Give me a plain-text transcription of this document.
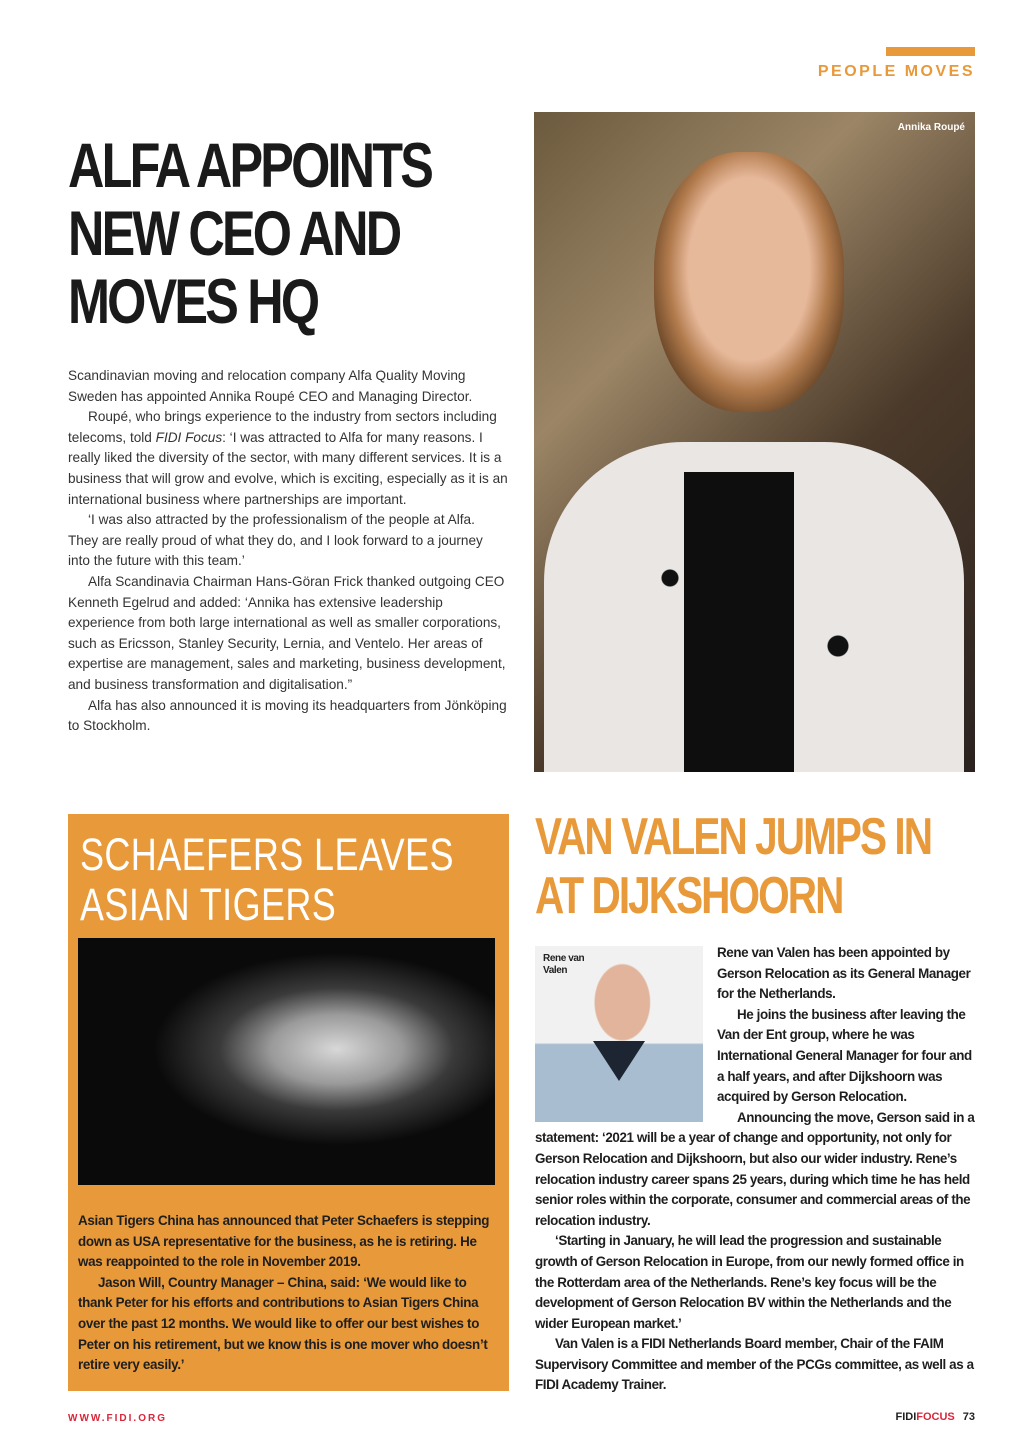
PEOPLE MOVES
ALFA APPOINTS NEW CEO AND MOVES HQ

Scandinavian moving and relocation company Alfa Quality Moving Sweden has appointed Annika Roupé CEO and Managing Director.

Roupé, who brings experience to the industry from sectors including telecoms, told FIDI Focus: ‘I was attracted to Alfa for many reasons. I really liked the diversity of the sector, with many different services. It is a business that will grow and evolve, which is exciting, especially as it is an international business where partnerships are important.

‘I was also attracted by the professionalism of the people at Alfa. They are really proud of what they do, and I look forward to a journey into the future with this team.’

Alfa Scandinavia Chairman Hans-Göran Frick thanked outgoing CEO Kenneth Egelrud and added: ‘Annika has extensive leadership experience from both large international as well as smaller corporations, such as Ericsson, Stanley Security, Lernia, and Ventelo. Her areas of expertise are management, sales and marketing, business development, and business transformation and digitalisation.”

Alfa has also announced it is moving its headquarters from Jönköping to Stockholm.

Annika Roupé
SCHAEFERS LEAVES ASIAN TIGERS

Asian Tigers China has announced that Peter Schaefers is stepping down as USA representative for the business, as he is retiring. He was reappointed to the role in November 2019.

Jason Will, Country Manager – China, said: ‘We would like to thank Peter for his efforts and contributions to Asian Tigers China over the past 12 months. We would like to offer our best wishes to Peter on his retirement, but we know this is one mover who doesn’t retire very easily.’

Rene van Valen

Rene van Valen has been appointed by Gerson Relocation as its General Manager for the Netherlands.

He joins the business after leaving the Van der Ent group, where he was International General Manager for four and a half years, and after Dijkshoorn was acquired by Gerson Relocation.

Announcing the move, Gerson said in a statement: ‘2021 will be a year of change and opportunity, not only for Gerson Relocation and Dijkshoorn, but also our wider industry. Rene’s relocation industry career spans 25 years, during which time he has held senior roles within the corporate, consumer and commercial areas of the relocation industry.

‘Starting in January, he will lead the progression and sustainable growth of Gerson Relocation in Europe, from our newly formed office in the Rotterdam area of the Netherlands. Rene’s key focus will be the development of Gerson Relocation BV within the Netherlands and the wider European market.’

Van Valen is a FIDI Netherlands Board member, Chair of the FAIM Supervisory Committee and member of the PCGs committee, as well as a FIDI Academy Trainer.

VAN VALEN JUMPS IN AT DIJKSHOORN
WWW.FIDI.ORG	FIDIFOCUS 73
